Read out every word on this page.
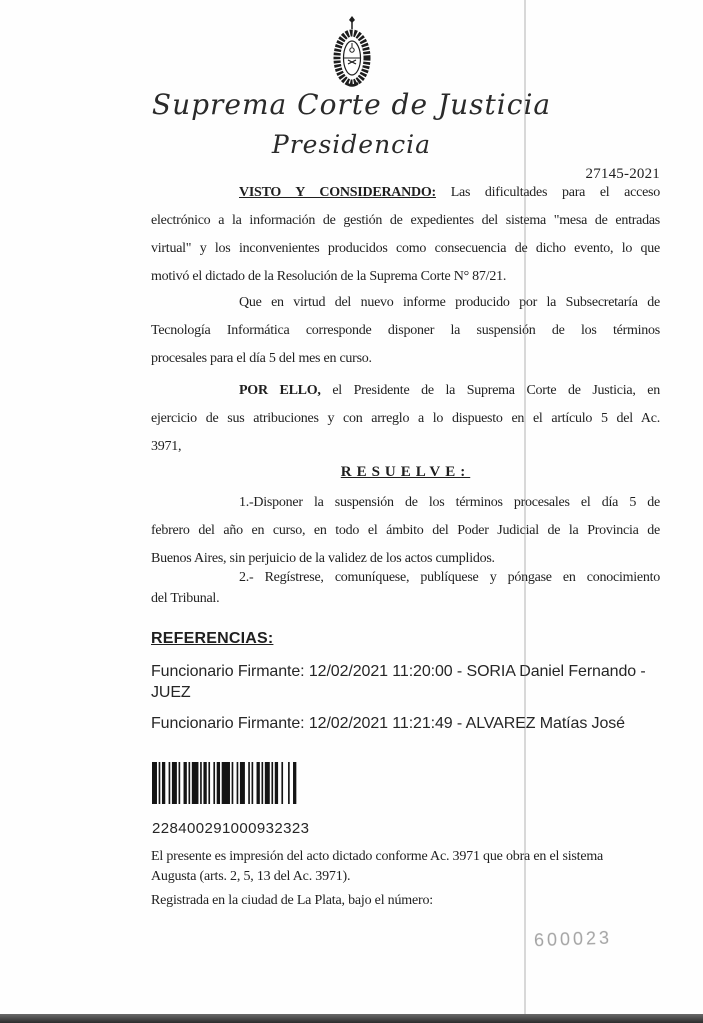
Suprema Corte de Justicia
Presidencia
27145-2021
VISTO Y CONSIDERANDO: Las dificultades para el acceso
electrónico a la información de gestión de expedientes del sistema "mesa de entradas
virtual" y los inconvenientes producidos como consecuencia de dicho evento, lo que
motivó el dictado de la Resolución de la Suprema Corte N° 87/21.
Que en virtud del nuevo informe producido por la Subsecretaría de
Tecnología Informática corresponde disponer la suspensión de los términos
procesales para el día 5 del mes en curso.
POR ELLO, el Presidente de la Suprema Corte de Justicia, en
ejercicio de sus atribuciones y con arreglo a lo dispuesto en el artículo 5 del Ac.
3971,
RESUELVE:
1.-Disponer la suspensión de los términos procesales el día 5 de
febrero del año en curso, en todo el ámbito del Poder Judicial de la Provincia de
Buenos Aires, sin perjuicio de la validez de los actos cumplidos.
2.- Regístrese, comuníquese, publíquese y póngase en conocimiento
del Tribunal.
REFERENCIAS:
Funcionario Firmante: 12/02/2021 11:20:00 - SORIA Daniel Fernando -
JUEZ
Funcionario Firmante: 12/02/2021 11:21:49 - ALVAREZ Matías José
228400291000932323
El presente es impresión del acto dictado conforme Ac. 3971 que obra en el sistema
Augusta (arts. 2, 5, 13 del Ac. 3971).
Registrada en la ciudad de La Plata, bajo el número:
600023
